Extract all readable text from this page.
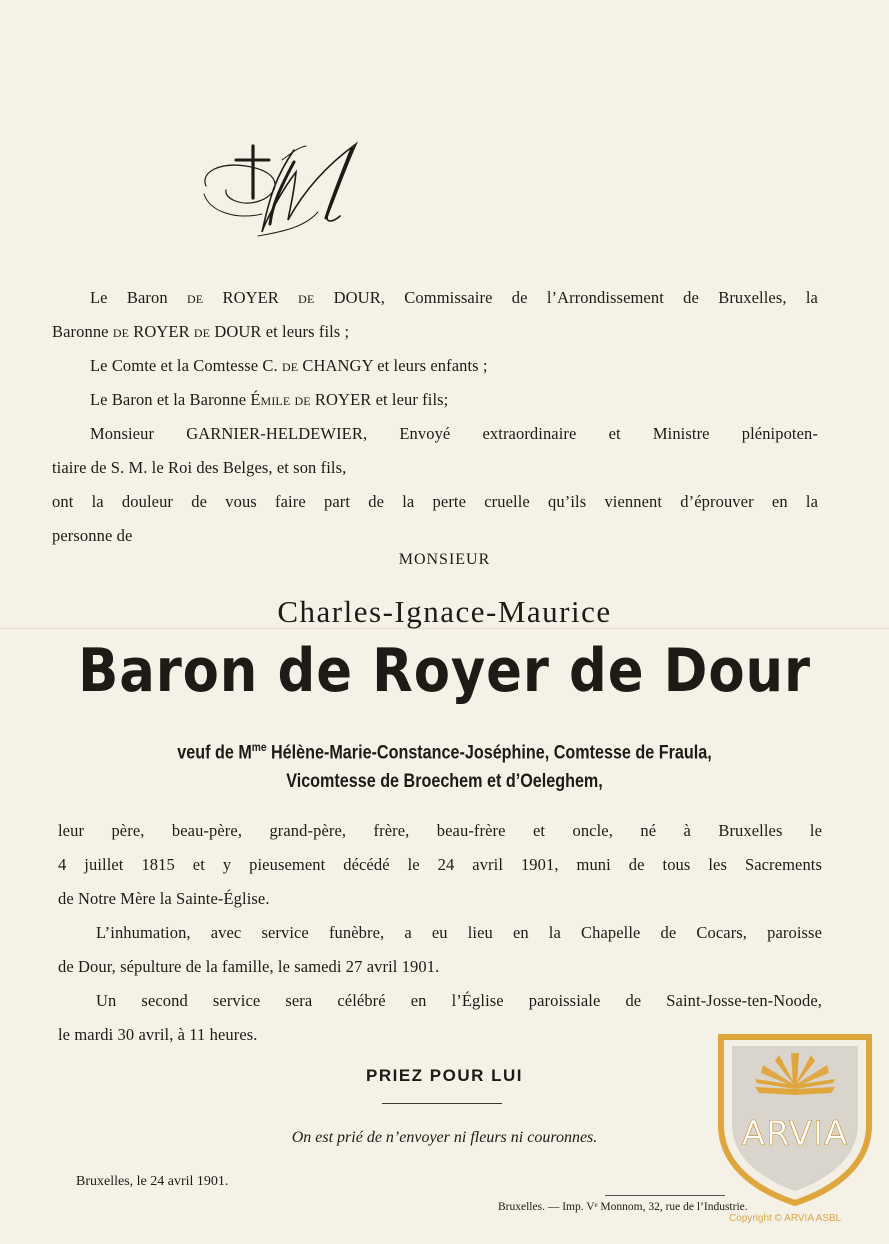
Le Baron de ROYER de DOUR, Commissaire de l’Arrondissement de Bruxelles, la

Baronne de ROYER de DOUR et leurs fils ;

Le Comte et la Comtesse C. de CHANGY et leurs enfants ;

Le Baron et la Baronne Émile de ROYER et leur fils;

Monsieur GARNIER-HELDEWIER, Envoyé extraordinaire et Ministre plénipoten-

tiaire de S. M. le Roi des Belges, et son fils,

ont la douleur de vous faire part de la perte cruelle qu’ils viennent d’éprouver en la

personne de

MONSIEUR
Charles-Ignace-Maurice
Baron de Royer de Dour
veuf de $M^{me}$ Hélène-Marie-Constance-Joséphine, Comtesse de Fraula,
Vicomtesse de Broechem et d’Oeleghem,

leur père, beau-père, grand-père, frère, beau-frère et oncle, né à Bruxelles le

4 juillet 1815 et y pieusement décédé le 24 avril 1901, muni de tous les Sacrements

de Notre Mère la Sainte-Église.

L’inhumation, avec service funèbre, a eu lieu en la Chapelle de Cocars, paroisse

de Dour, sépulture de la famille, le samedi 27 avril 1901.

Un second service sera célébré en l’Église paroissiale de Saint-Josse-ten-Noode,

le mardi 30 avril, à 11 heures.

PRIEZ POUR LUI
On est prié de n’envoyer ni fleurs ni couronnes.
Bruxelles, le 24 avril 1901.
Bruxelles. — Imp. Vᵉ Monnom, 32, rue de l’Industrie.
ARVIA
Copyright © ARVIA ASBL
